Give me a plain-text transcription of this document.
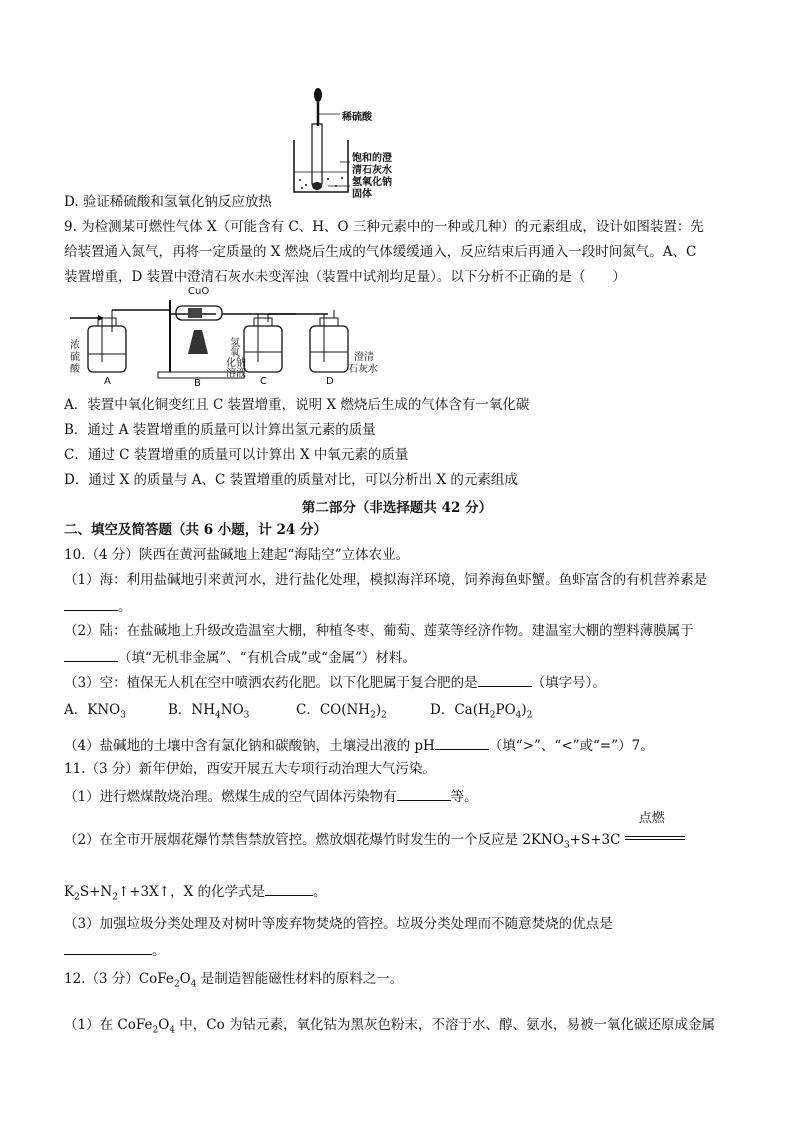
稀硫酸
饱和的澄
清石灰水
氢氧化钠
固体
D. 验证稀硫酸和氢氧化钠反应放热
9. 为检测某可燃性气体 X（可能含有 C、H、O 三种元素中的一种或几种）的元素组成，设计如图装置：先
给装置通入氮气，再将一定质量的 X 燃烧后生成的气体缓缓通入，反应结束后再通入一段时间氮气。A、C
装置增重，D 装置中澄清石灰水未变浑浊（装置中试剂均足量）。以下分析不正确的是（　　）
CuO
浓
硫
酸
A	B
氢
氧
化钠
溶液
C
澄清
石灰水
D
A．装置中氧化铜变红且 C 装置增重，说明 X 燃烧后生成的气体含有一氧化碳
B．通过 A 装置增重的质量可以计算出氢元素的质量
C．通过 C 装置增重的质量可以计算出 X 中氧元素的质量
D．通过 X 的质量与 A、C 装置增重的质量对比，可以分析出 X 的元素组成
第二部分（非选择题共 42 分）
二、填空及简答题（共 6 小题，计 24 分）
10.（4 分）陕西在黄河盐碱地上建起“海陆空”立体农业。
（1）海：利用盐碱地引来黄河水，进行盐化处理，模拟海洋环境，饲养海鱼虾蟹。鱼虾富含的有机营养素是
。
（2）陆：在盐碱地上升级改造温室大棚，种植冬枣、葡萄、莲菜等经济作物。建温室大棚的塑料薄膜属于
（填“无机非金属”、“有机合成”或“金属”）材料。
（3）空：植保无人机在空中喷洒农药化肥。以下化肥属于复合肥的是	（填字号）。
A．$KNO_3$	B．$NH_4NO_3$	C．$CO(NH_2)_2$	D．$Ca(H_2PO_4)_2$
（4）盐碱地的土壤中含有氯化钠和碳酸钠，土壤浸出液的 pH	（填“>”、“<”或“=”）7。
11.（3 分）新年伊始，西安开展五大专项行动治理大气污染。
（1）进行燃煤散烧治理。燃煤生成的空气固体污染物有	等。
（2）在全市开展烟花爆竹禁售禁放管控。燃放烟花爆竹时发生的一个反应是 $2KNO_3+S+3C$
点燃
$K_2S+N_2↑+3X↑$，X 的化学式是	。
（3）加强垃圾分类处理及对树叶等废弃物焚烧的管控。垃圾分类处理而不随意焚烧的优点是
。
12.（3 分）$CoFe_2O_4$ 是制造智能磁性材料的原料之一。
（1）在 $CoFe_2O_4$ 中，Co 为钴元素，氧化钴为黑灰色粉末，不溶于水、醇、氨水，易被一氧化碳还原成金属
